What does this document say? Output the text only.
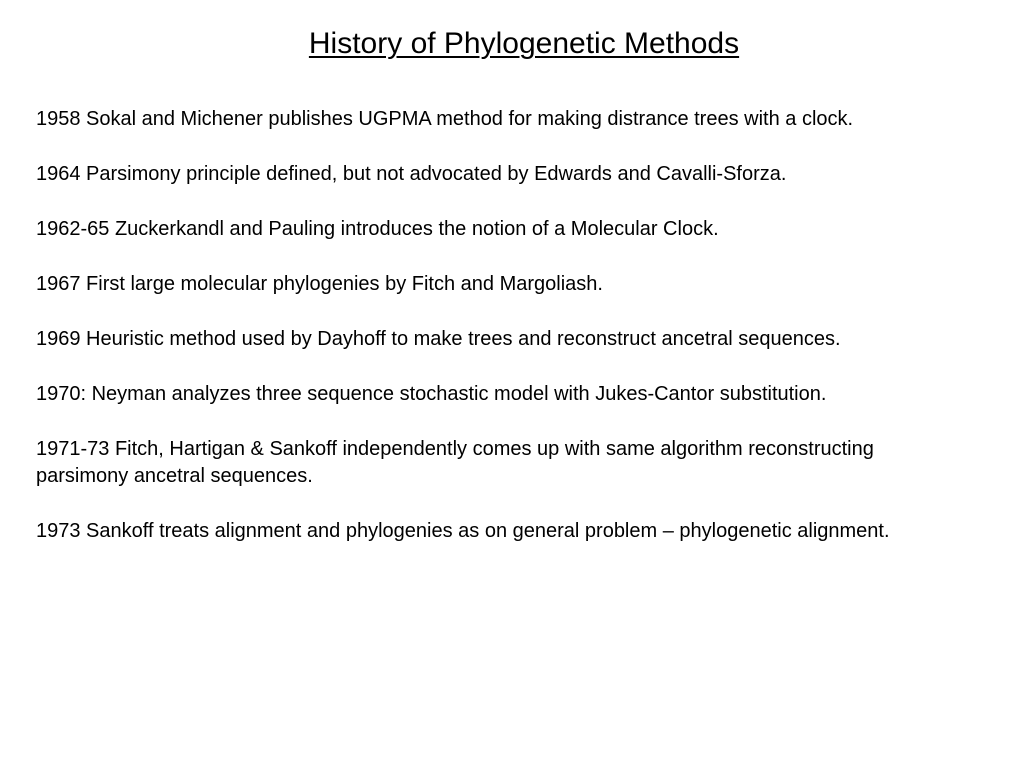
History of Phylogenetic Methods
1958 Sokal and Michener publishes UGPMA method for making distrance trees with a clock.
1964 Parsimony principle defined, but not advocated by Edwards and Cavalli-Sforza.
1962-65 Zuckerkandl and Pauling introduces the notion of a Molecular Clock.
1967 First large molecular phylogenies by Fitch and Margoliash.
1969 Heuristic method used by Dayhoff to make trees and reconstruct ancetral sequences.
1970: Neyman analyzes three sequence stochastic model with Jukes-Cantor substitution.
1971-73 Fitch, Hartigan & Sankoff independently comes up with same algorithm reconstructing
parsimony ancetral sequences.
1973 Sankoff treats alignment and phylogenies as on general problem – phylogenetic alignment.
